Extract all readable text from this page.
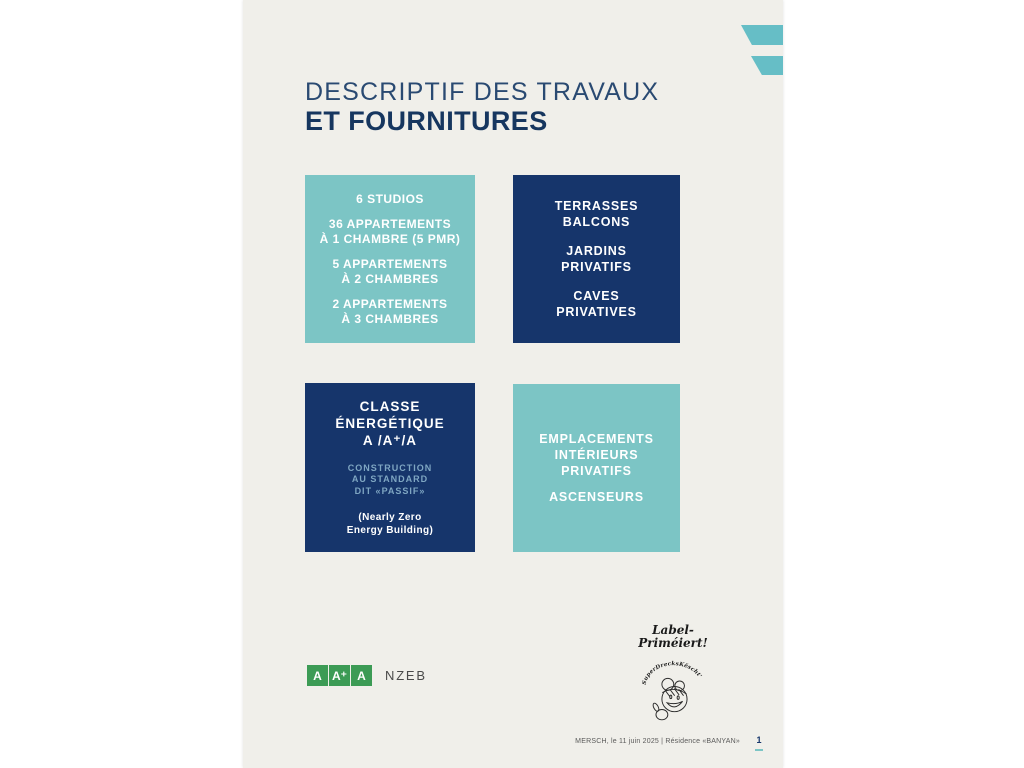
DESCRIPTIF DES TRAVAUX
ET FOURNITURES
6 STUDIOS
36 APPARTEMENTS
À 1 CHAMBRE (5 PMR)
5 APPARTEMENTS
À 2 CHAMBRES
2 APPARTEMENTS
À 3 CHAMBRES
TERRASSES
BALCONS
JARDINS
PRIVATIFS
CAVES
PRIVATIVES
CLASSE
ÉNERGÉTIQUE
A /A⁺/A
CONSTRUCTION
AU STANDARD
DIT «PASSIF»
(Nearly Zero
Energy Building)
EMPLACEMENTS
INTÉRIEURS
PRIVATIFS
ASCENSEURS
A A⁺ A	NZEB
Label-
Priméiert!
SuperDrecksKëscht'
MERSCH, le 11 juin 2025 | Résidence «BANYAN»	1
